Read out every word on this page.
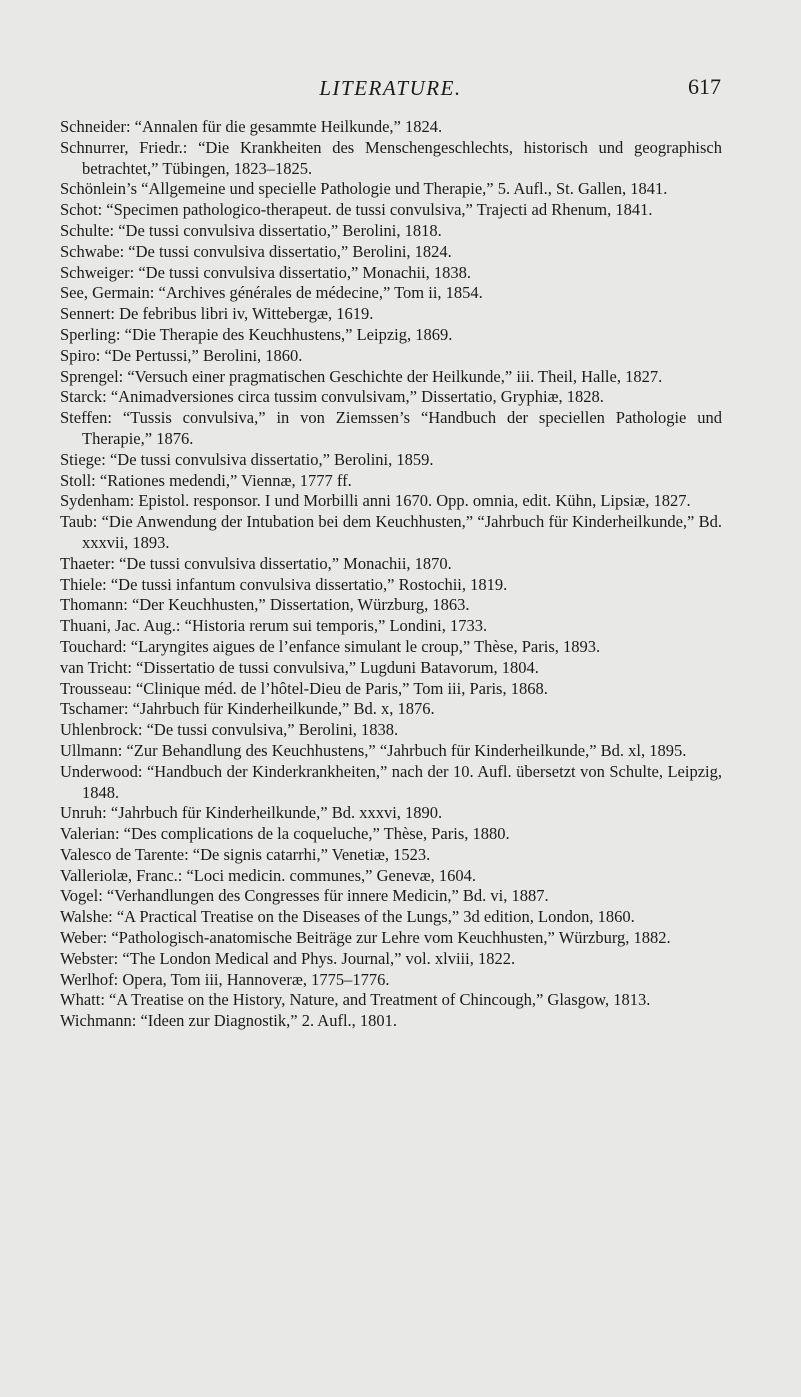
LITERATURE.	617

Schneider: “Annalen für die gesammte Heilkunde,” 1824.

Schnurrer, Friedr.: “Die Krankheiten des Menschengeschlechts, historisch und geographisch betrachtet,” Tübingen, 1823–1825.

Schönlein’s “Allgemeine und specielle Pathologie und Therapie,” 5. Aufl., St. Gallen, 1841.

Schot: “Specimen pathologico-therapeut. de tussi convulsiva,” Trajecti ad Rhenum, 1841.

Schulte: “De tussi convulsiva dissertatio,” Berolini, 1818.

Schwabe: “De tussi convulsiva dissertatio,” Berolini, 1824.

Schweiger: “De tussi convulsiva dissertatio,” Monachii, 1838.

See, Germain: “Archives générales de médecine,” Tom ii, 1854.

Sennert: De febribus libri iv, Wittebergæ, 1619.

Sperling: “Die Therapie des Keuchhustens,” Leipzig, 1869.

Spiro: “De Pertussi,” Berolini, 1860.

Sprengel: “Versuch einer pragmatischen Geschichte der Heilkunde,” iii. Theil, Halle, 1827.

Starck: “Animadversiones circa tussim convulsivam,” Dissertatio, Gryphiæ, 1828.

Steffen: “Tussis convulsiva,” in von Ziemssen’s “Handbuch der speciellen Pathologie und Therapie,” 1876.

Stiege: “De tussi convulsiva dissertatio,” Berolini, 1859.

Stoll: “Rationes medendi,” Viennæ, 1777 ff.

Sydenham: Epistol. responsor. I und Morbilli anni 1670. Opp. omnia, edit. Kühn, Lipsiæ, 1827.

Taub: “Die Anwendung der Intubation bei dem Keuchhusten,” “Jahrbuch für Kinderheilkunde,” Bd. xxxvii, 1893.

Thaeter: “De tussi convulsiva dissertatio,” Monachii, 1870.

Thiele: “De tussi infantum convulsiva dissertatio,” Rostochii, 1819.

Thomann: “Der Keuchhusten,” Dissertation, Würzburg, 1863.

Thuani, Jac. Aug.: “Historia rerum sui temporis,” Londini, 1733.

Touchard: “Laryngites aigues de l’enfance simulant le croup,” Thèse, Paris, 1893.

van Tricht: “Dissertatio de tussi convulsiva,” Lugduni Batavorum, 1804.

Trousseau: “Clinique méd. de l’hôtel-Dieu de Paris,” Tom iii, Paris, 1868.

Tschamer: “Jahrbuch für Kinderheilkunde,” Bd. x, 1876.

Uhlenbrock: “De tussi convulsiva,” Berolini, 1838.

Ullmann: “Zur Behandlung des Keuchhustens,” “Jahrbuch für Kinderheilkunde,” Bd. xl, 1895.

Underwood: “Handbuch der Kinderkrankheiten,” nach der 10. Aufl. übersetzt von Schulte, Leipzig, 1848.

Unruh: “Jahrbuch für Kinderheilkunde,” Bd. xxxvi, 1890.

Valerian: “Des complications de la coqueluche,” Thèse, Paris, 1880.

Valesco de Tarente: “De signis catarrhi,” Venetiæ, 1523.

Valleriolæ, Franc.: “Loci medicin. communes,” Genevæ, 1604.

Vogel: “Verhandlungen des Congresses für innere Medicin,” Bd. vi, 1887.

Walshe: “A Practical Treatise on the Diseases of the Lungs,” 3d edition, London, 1860.

Weber: “Pathologisch-anatomische Beiträge zur Lehre vom Keuchhusten,” Würzburg, 1882.

Webster: “The London Medical and Phys. Journal,” vol. xlviii, 1822.

Werlhof: Opera, Tom iii, Hannoveræ, 1775–1776.

Whatt: “A Treatise on the History, Nature, and Treatment of Chincough,” Glasgow, 1813.

Wichmann: “Ideen zur Diagnostik,” 2. Aufl., 1801.
